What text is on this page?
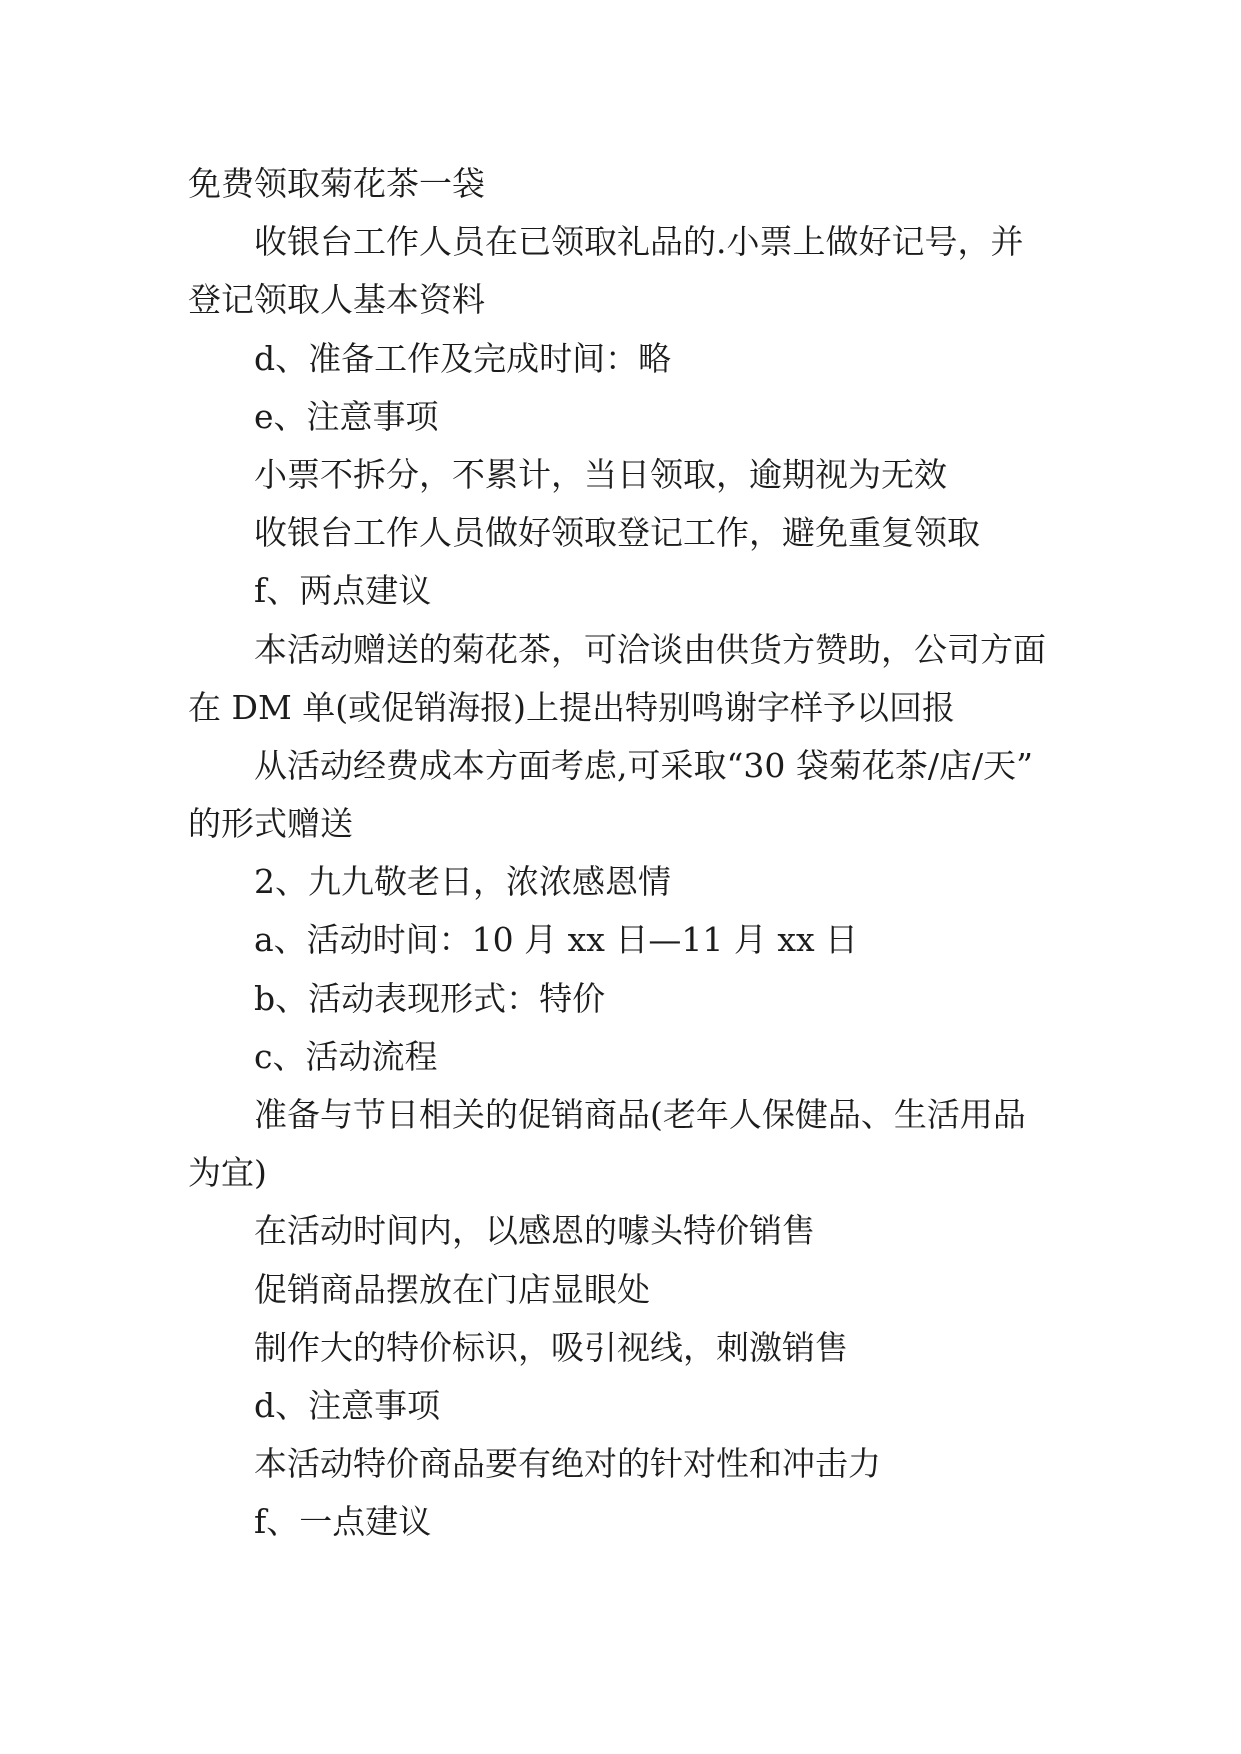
免费领取菊花茶一袋
收银台工作人员在已领取礼品的.小票上做好记号，并
登记领取人基本资料
d、准备工作及完成时间：略
e、注意事项
小票不拆分，不累计，当日领取，逾期视为无效
收银台工作人员做好领取登记工作，避免重复领取
f、两点建议
本活动赠送的菊花茶，可洽谈由供货方赞助，公司方面
在 DM 单(或促销海报)上提出特别鸣谢字样予以回报
从活动经费成本方面考虑,可采取“30 袋菊花茶/店/天”
的形式赠送
2、九九敬老日，浓浓感恩情
a、活动时间：10 月 xx 日—11 月 xx 日
b、活动表现形式：特价
c、活动流程
准备与节日相关的促销商品(老年人保健品、生活用品
为宜)
在活动时间内，以感恩的噱头特价销售
促销商品摆放在门店显眼处
制作大的特价标识，吸引视线，刺激销售
d、注意事项
本活动特价商品要有绝对的针对性和冲击力
f、一点建议
